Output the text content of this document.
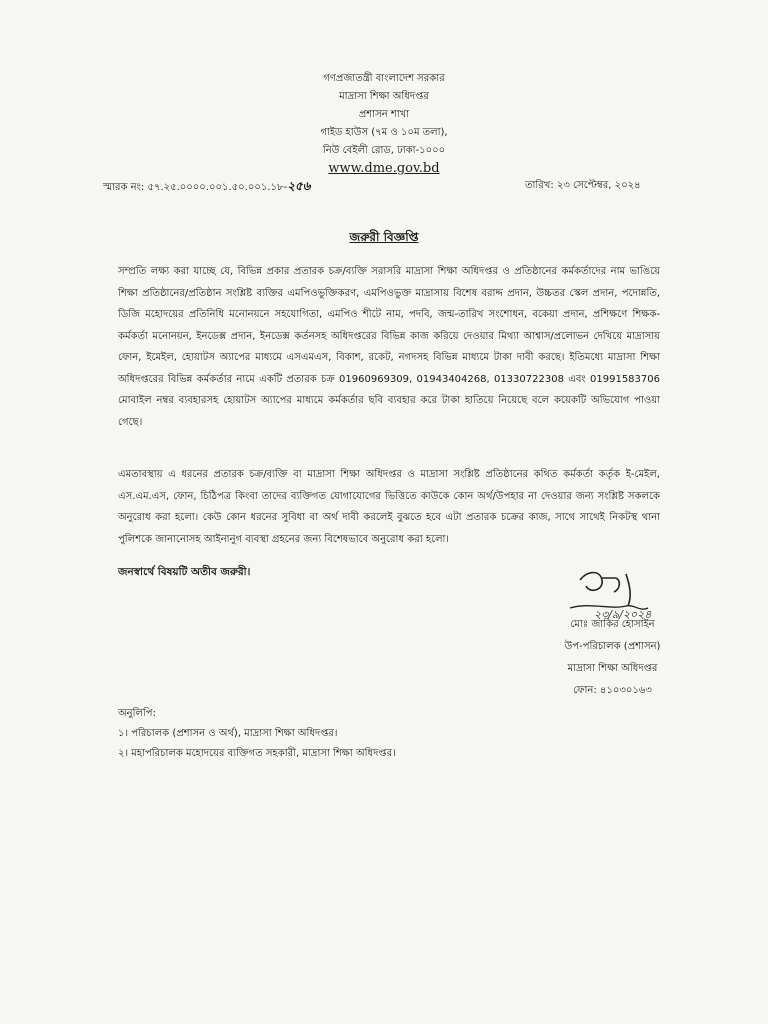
গণপ্রজাতন্ত্রী বাংলাদেশ সরকার
মাদ্রাসা শিক্ষা অধিদপ্তর
প্রশাসন শাখা
গাইড হাউস (৭ম ও ১০ম তলা),
নিউ বেইলী রোড, ঢাকা-১০০০
www.dme.gov.bd
স্মারক নং: ৫৭.২৫.০০০০.০০১.৫০.০০১.১৮-২৫৬	তারিখ: ২৩ সেপ্টেম্বর, ২০২৪
জরুরী বিজ্ঞপ্তি
সম্প্রতি লক্ষ্য করা যাচ্ছে যে, বিভিন্ন প্রকার প্রতারক চক্র/ব্যক্তি সরাসরি মাদ্রাসা শিক্ষা অধিদপ্তর ও প্রতিষ্ঠানের কর্মকর্তাদের নাম ভাঙিয়ে শিক্ষা প্রতিষ্ঠানের/প্রতিষ্ঠান সংশ্লিষ্ট ব্যক্তির এমপিওভুক্তিকরণ, এমপিওভুক্ত মাদ্রাসায় বিশেষ বরাদ্দ প্রদান, উচ্চতর স্কেল প্রদান, পদোন্নতি, ডিজি মহোদয়ের প্রতিনিধি মনোনয়নে সহযোগিতা, এমপিও শীটে নাম, পদবি, জন্ম-তারিখ সংশোধন, বকেয়া প্রদান, প্রশিক্ষণে শিক্ষক-কর্মকর্তা মনোনয়ন, ইনডেক্স প্রদান, ইনডেক্স কর্তনসহ অধিদপ্তরের বিভিন্ন কাজ করিয়ে দেওয়ার মিথ্যা আশ্বাস/প্রলোভন দেখিয়ে মাদ্রাসায় ফোন, ইমেইল, হোয়াটস অ্যাপের মাধ্যমে এসএমএস, বিকাশ, রকেট, নগদসহ বিভিন্ন মাধ্যমে টাকা দাবী করছে। ইতিমধ্যে মাদ্রাসা শিক্ষা অধিদপ্তরের বিভিন্ন কর্মকর্তার নামে একটি প্রতারক চক্র 01960969309, 01943404268, 01330722308 এবং 01991583706 মোবাইল নম্বর ব্যবহারসহ হোয়াটস অ্যাপের মাধ্যমে কর্মকর্তার ছবি ব্যবহার করে টাকা হাতিয়ে নিয়েছে বলে কয়েকটি অভিযোগ পাওয়া গেছে।
এমতাবস্থায় এ ধরনের প্রতারক চক্র/ব্যক্তি বা মাদ্রাসা শিক্ষা অধিদপ্তর ও মাদ্রাসা সংশ্লিষ্ট প্রতিষ্ঠানের কথিত কর্মকর্তা কর্তৃক ই-মেইল, এস.এম.এস, ফোন, চিঠিপত্র কিংবা তাদের ব্যক্তিগত যোগাযোগের ভিত্তিতে কাউকে কোন অর্থ/উপহার না দেওয়ার জন্য সংশ্লিষ্ট সকলকে অনুরোধ করা হলো। কেউ কোন ধরনের সুবিধা বা অর্থ দাবী করলেই বুঝতে হবে এটা প্রতারক চক্রের কাজ, সাথে সাথেই নিকটস্থ থানা পুলিশকে জানানোসহ আইনানুগ ব্যবস্থা গ্রহনের জন্য বিশেষভাবে অনুরোধ করা হলো।
জনস্বার্থে বিষয়টি অতীব জরুরী।
২৩/৯/২০২৪
মোঃ জাকির হোসাইন
উপ-পরিচালক (প্রশাসন)
মাদ্রাসা শিক্ষা অধিদপ্তর
ফোন: ৪১০৩০১৬৩
অনুলিপি:
১। পরিচালক (প্রশাসন ও অর্থ), মাদ্রাসা শিক্ষা অধিদপ্তর।
২। মহাপরিচালক মহোদয়ের ব্যক্তিগত সহকারী, মাদ্রাসা শিক্ষা অধিদপ্তর।
